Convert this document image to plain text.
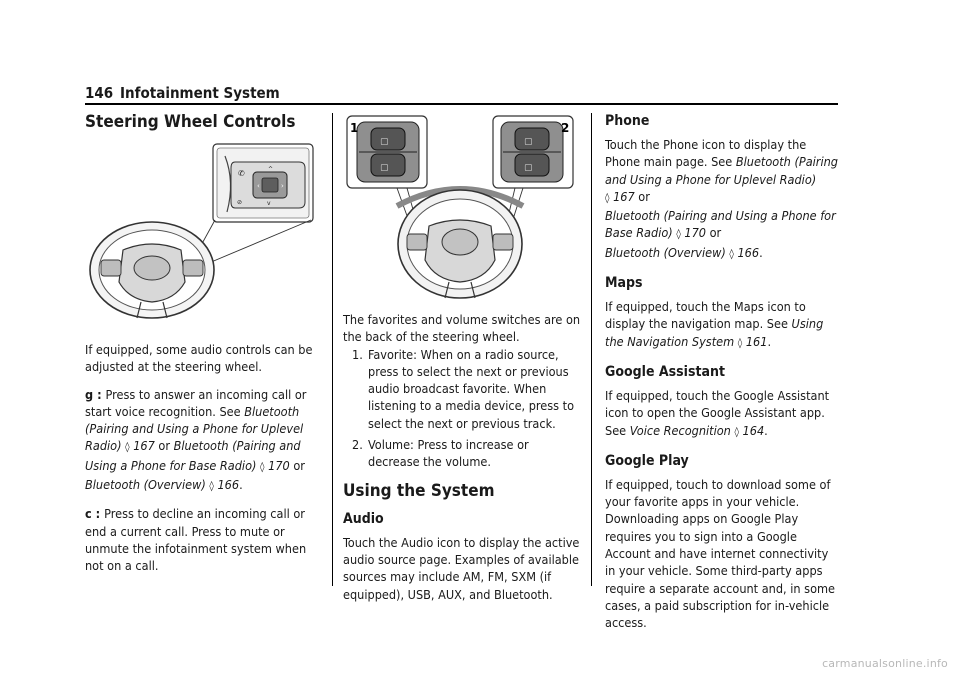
146 Infotainment System
Steering Wheel Controls
✆
⊘
‹	›
^
v

If equipped, some audio controls can be adjusted at the steering wheel.

g : Press to answer an incoming call or start voice recognition. See Bluetooth (Pairing and Using a Phone for Uplevel Radio) ◊ 167 or Bluetooth (Pairing and Using a Phone for Base Radio) ◊ 170 or Bluetooth (Overview) ◊ 166.

c : Press to decline an incoming call or end a current call. Press to mute or unmute the infotainment system when not on a call.

▢
▢
1
▢
▢
2

The favorites and volume switches are on the back of the steering wheel.

1. Favorite: When on a radio source, press to select the next or previous audio broadcast favorite. When listening to a media device, press to select the next or previous track.
2. Volume: Press to increase or decrease the volume.
Using the System
Audio

Touch the Audio icon to display the active audio source page. Examples of available sources may include AM, FM, SXM (if equipped), USB, AUX, and Bluetooth.

Phone

Touch the Phone icon to display the Phone main page. See Bluetooth (Pairing and Using a Phone for Uplevel Radio) ◊ 167 or
Bluetooth (Pairing and Using a Phone for Base Radio) ◊ 170 or
Bluetooth (Overview) ◊ 166.

Maps

If equipped, touch the Maps icon to display the navigation map. See Using the Navigation System ◊ 161.

Google Assistant

If equipped, touch the Google Assistant icon to open the Google Assistant app. See Voice Recognition ◊ 164.

Google Play

If equipped, touch to download some of your favorite apps in your vehicle. Downloading apps on Google Play requires you to sign into a Google Account and have internet connectivity in your vehicle. Some third-party apps require a separate account and, in some cases, a paid subscription for in-vehicle access.

carmanualsonline.info
